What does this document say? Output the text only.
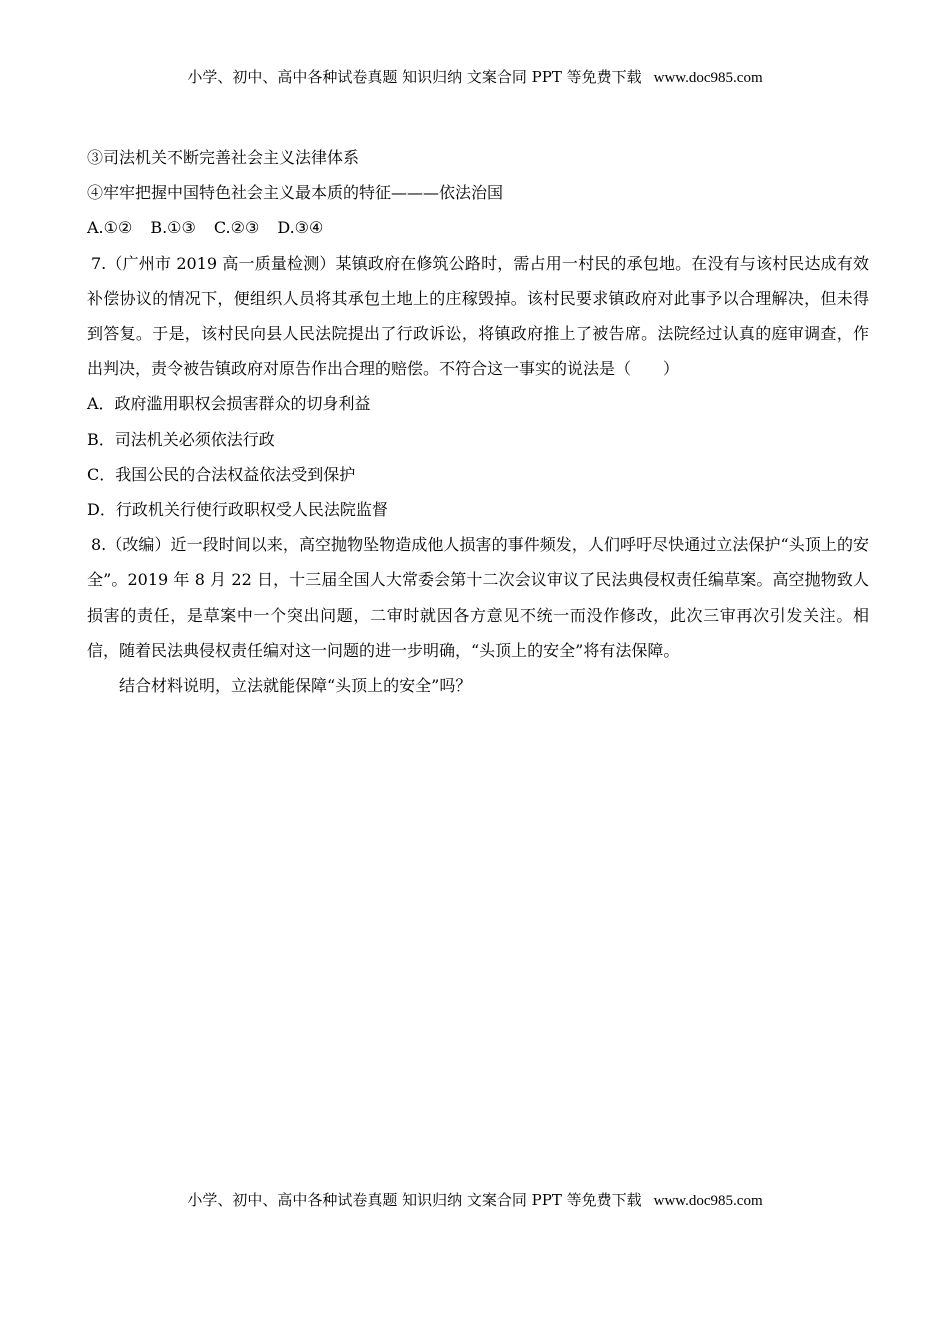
小学、初中、高中各种试卷真题 知识归纳 文案合同 PPT 等免费下载 www.doc985.com
③司法机关不断完善社会主义法律体系
④牢牢把握中国特色社会主义最本质的特征———依法治国
A.①② B.①③ C.②③ D.③④
7.（广州市 2019 高一质量检测）某镇政府在修筑公路时，需占用一村民的承包地。在没有与该村民达成有效补偿协议的情况下，便组织人员将其承包土地上的庄稼毁掉。该村民要求镇政府对此事予以合理解决，但未得到答复。于是，该村民向县人民法院提出了行政诉讼，将镇政府推上了被告席。法院经过认真的庭审调查，作出判决，责令被告镇政府对原告作出合理的赔偿。不符合这一事实的说法是（　　）
A．政府滥用职权会损害群众的切身利益
B．司法机关必须依法行政
C．我国公民的合法权益依法受到保护
D．行政机关行使行政职权受人民法院监督
8.（改编）近一段时间以来，高空抛物坠物造成他人损害的事件频发，人们呼吁尽快通过立法保护“头顶上的安全”。2019 年 8 月 22 日，十三届全国人大常委会第十二次会议审议了民法典侵权责任编草案。高空抛物致人损害的责任，是草案中一个突出问题，二审时就因各方意见不统一而没作修改，此次三审再次引发关注。相信，随着民法典侵权责任编对这一问题的进一步明确，“头顶上的安全”将有法保障。
结合材料说明，立法就能保障“头顶上的安全”吗？
小学、初中、高中各种试卷真题 知识归纳 文案合同 PPT 等免费下载 www.doc985.com
